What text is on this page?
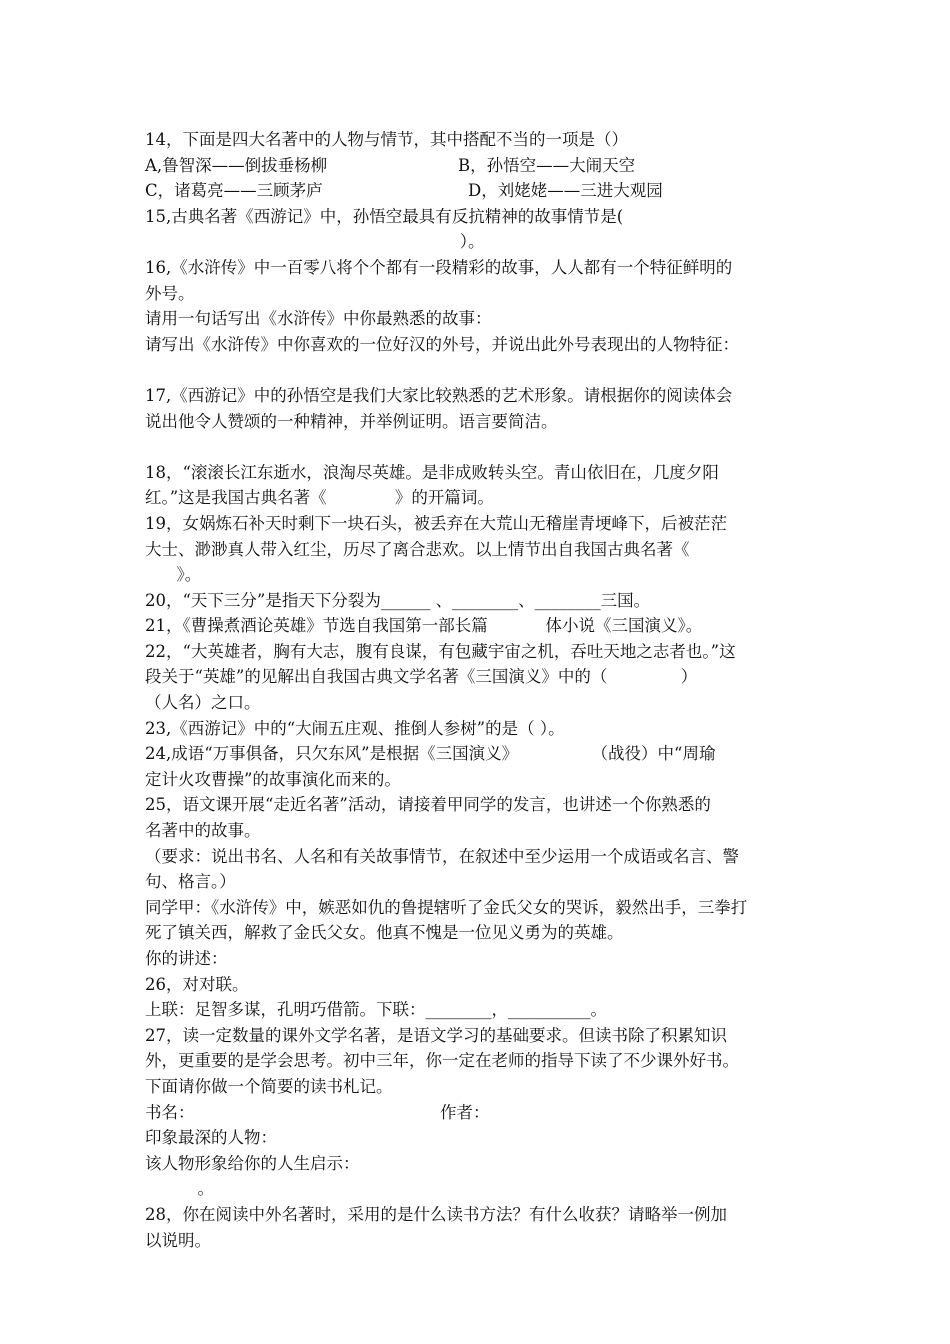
14，下面是四大名著中的人物与情节，其中搭配不当的一项是（）

A,鲁智深——倒拔垂杨柳

	B，孙悟空——大闹天空

C，诸葛亮——三顾茅庐

	D，刘姥姥——三进大观园

15,古典名著《西游记》中，孙悟空最具有反抗精神的故事情节是(
）。
16,《水浒传》中一百零八将个个都有一段精彩的故事，人人都有一个特征鲜明的
外号。
请用一句话写出《水浒传》中你最熟悉的故事：
请写出《水浒传》中你喜欢的一位好汉的外号，并说出此外号表现出的人物特征：
17,《西游记》中的孙悟空是我们大家比较熟悉的艺术形象。请根据你的阅读体会
说出他令人赞颂的一种精神，并举例证明。语言要简洁。
18，“滚滚长江东逝水，浪淘尽英雄。是非成败转头空。青山依旧在，几度夕阳
红。”这是我国古典名著《             》的开篇词。
19，女娲炼石补天时剩下一块石头，被丢弃在大荒山无稽崖青埂峰下，后被茫茫
大士、渺渺真人带入红尘，历尽了离合悲欢。以上情节出自我国古典名著《
》。
20，“天下三分”是指天下分裂为______ 、________、________三国。
21，《曹操煮酒论英雄》节选自我国第一部长篇           体小说《三国演义》。
22，“大英雄者，胸有大志，腹有良谋，有包藏宇宙之机，吞吐天地之志者也。”这
段关于“英雄”的见解出自我国古典文学名著《三国演义》中的（              ）
（人名）之口。
23,《西游记》中的“大闹五庄观、推倒人参树”的是（ ）。
24,成语“万事俱备，只欠东风”是根据《三国演义》              （战役）中“周瑜
定计火攻曹操”的故事演化而来的。
25，语文课开展“走近名著”活动，请接着甲同学的发言，也讲述一个你熟悉的
名著中的故事。
（要求：说出书名、人名和有关故事情节，在叙述中至少运用一个成语或名言、警
句、格言。）
同学甲：《水浒传》中，嫉恶如仇的鲁提辖听了金氏父女的哭诉，毅然出手，三拳打
死了镇关西，解救了金氏父女。他真不愧是一位见义勇为的英雄。
你的讲述：
26，对对联。
上联：足智多谋，孔明巧借箭。下联：________，__________。
27，读一定数量的课外文学名著，是语文学习的基础要求。但读书除了积累知识
外，更重要的是学会思考。初中三年，你一定在老师的指导下读了不少课外好书。
下面请你做一个简要的读书札记。

书名：

	作者：

印象最深的人物：
该人物形象给你的人生启示：
。
28，你在阅读中外名著时，采用的是什么读书方法？有什么收获？请略举一例加
以说明。
